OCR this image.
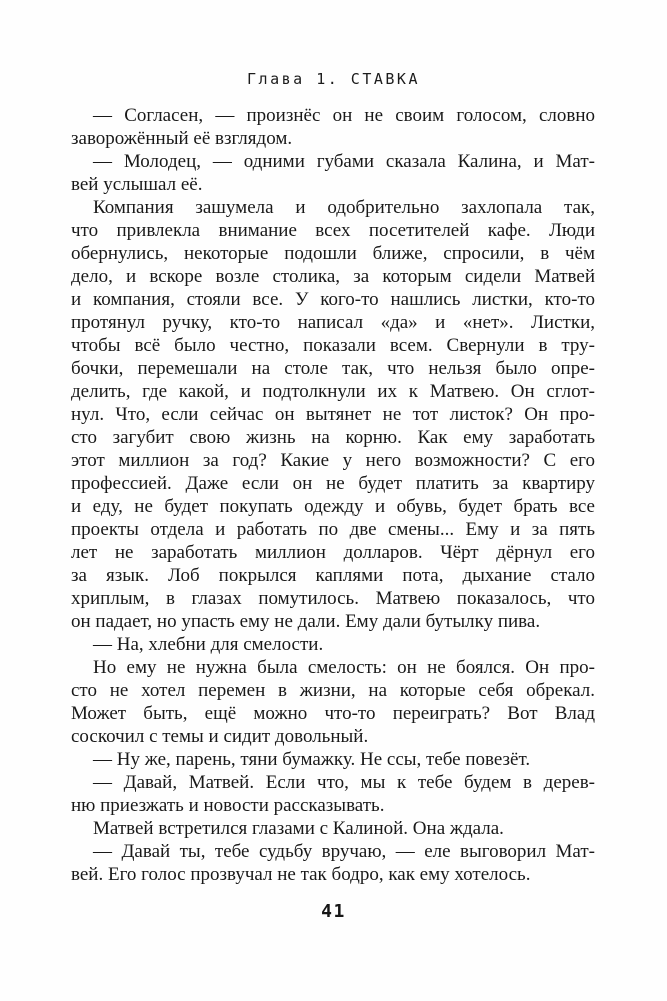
Глава 1. СТАВКА
— Согласен, — произнёс он не своим голосом, словно
заворожённый её взглядом.
— Молодец, — одними губами сказала Калина, и Мат-
вей услышал её.
Компания зашумела и одобрительно захлопала так,
что привлекла внимание всех посетителей кафе. Люди
обернулись, некоторые подошли ближе, спросили, в чём
дело, и вскоре возле столика, за которым сидели Матвей
и компания, стояли все. У кого-то нашлись листки, кто-то
протянул ручку, кто-то написал «да» и «нет». Листки,
чтобы всё было честно, показали всем. Свернули в тру-
бочки, перемешали на столе так, что нельзя было опре-
делить, где какой, и подтолкнули их к Матвею. Он сглот-
нул. Что, если сейчас он вытянет не тот листок? Он про-
сто загубит свою жизнь на корню. Как ему заработать
этот миллион за год? Какие у него возможности? С его
профессией. Даже если он не будет платить за квартиру
и еду, не будет покупать одежду и обувь, будет брать все
проекты отдела и работать по две смены... Ему и за пять
лет не заработать миллион долларов. Чёрт дёрнул его
за язык. Лоб покрылся каплями пота, дыхание стало
хриплым, в глазах помутилось. Матвею показалось, что
он падает, но упасть ему не дали. Ему дали бутылку пива.
— На, хлебни для смелости.
Но ему не нужна была смелость: он не боялся. Он про-
сто не хотел перемен в жизни, на которые себя обрекал.
Может быть, ещё можно что-то переиграть? Вот Влад
соскочил с темы и сидит довольный.
— Ну же, парень, тяни бумажку. Не ссы, тебе повезёт.
— Давай, Матвей. Если что, мы к тебе будем в дерев-
ню приезжать и новости рассказывать.
Матвей встретился глазами с Калиной. Она ждала.
— Давай ты, тебе судьбу вручаю, — еле выговорил Мат-
вей. Его голос прозвучал не так бодро, как ему хотелось.
41
